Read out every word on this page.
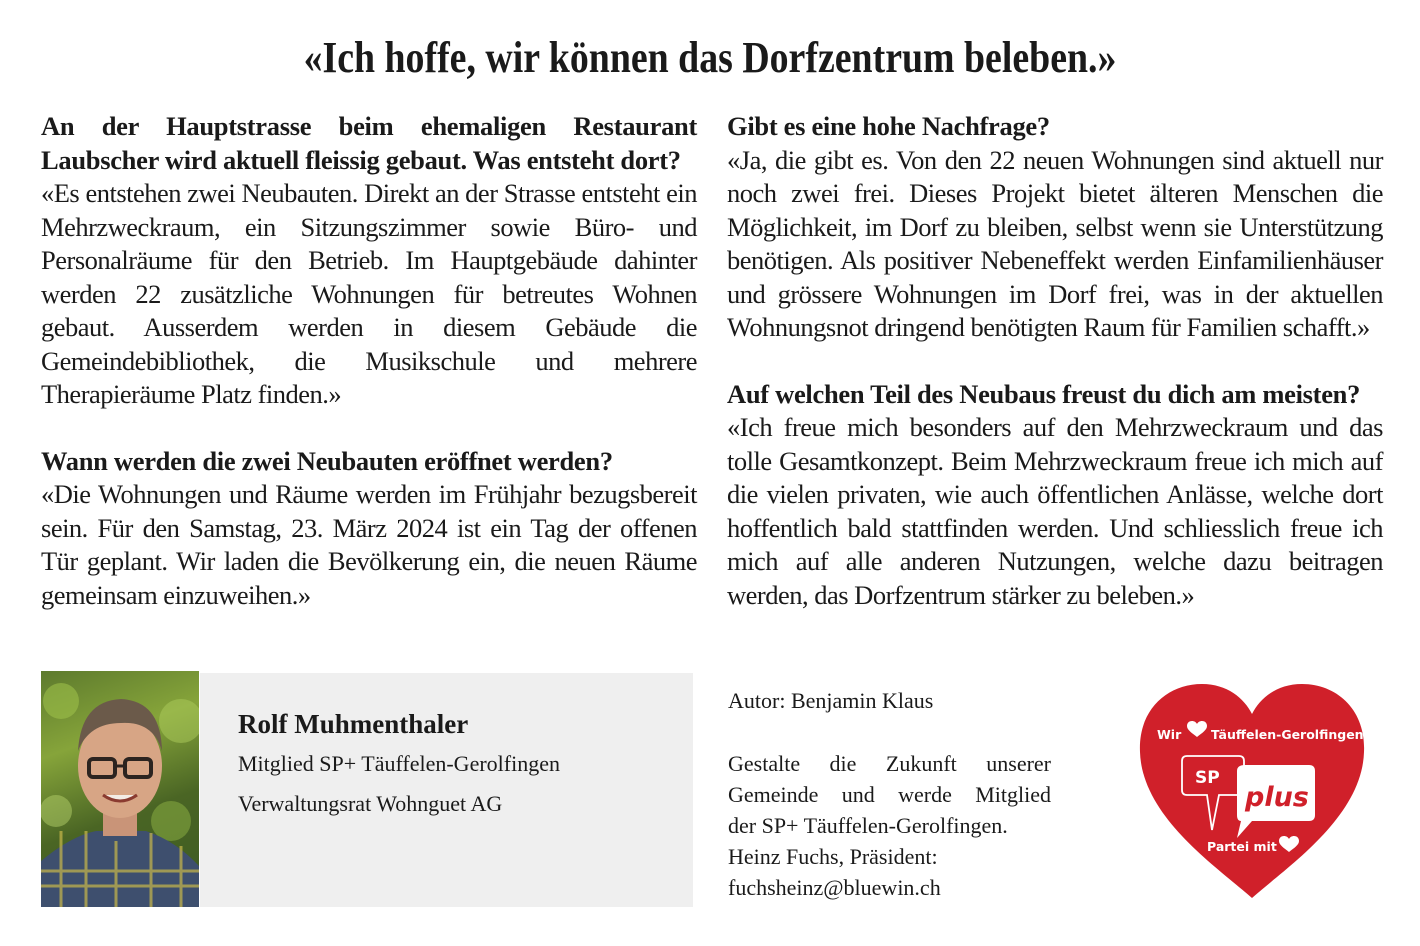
«Ich hoffe, wir können das Dorfzentrum beleben.»
An der Hauptstrasse beim ehemaligen Restaurant Laubscher wird aktuell fleissig gebaut. Was entsteht dort?
«Es entstehen zwei Neubauten. Direkt an der Strasse entsteht ein Mehrzweckraum, ein Sitzungszimmer sowie Büro- und Personalräume für den Betrieb. Im Hauptgebäude dahinter werden 22 zusätzliche Wohnungen für betreutes Wohnen gebaut. Ausserdem werden in diesem Gebäude die Gemeindebibliothek, die Musikschule und mehrere Therapieräume Platz finden.»
Wann werden die zwei Neubauten eröffnet werden?
«Die Wohnungen und Räume werden im Frühjahr bezugsbereit sein. Für den Samstag, 23. März 2024 ist ein Tag der offenen Tür geplant. Wir laden die Bevölkerung ein, die neuen Räume gemeinsam einzuweihen.»
Gibt es eine hohe Nachfrage?
«Ja, die gibt es. Von den 22 neuen Wohnungen sind aktuell nur noch zwei frei. Dieses Projekt bietet älteren Menschen die Möglichkeit, im Dorf zu bleiben, selbst wenn sie Unterstützung benötigen. Als positiver Nebeneffekt werden Einfamilienhäuser und grössere Wohnungen im Dorf frei, was in der aktuellen Wohnungsnot dringend benötigten Raum für Familien schafft.»
Auf welchen Teil des Neubaus freust du dich am meisten?
«Ich freue mich besonders auf den Mehrzweckraum und das tolle Gesamtkonzept. Beim Mehrzweckraum freue ich mich auf die vielen privaten, wie auch öffentlichen Anlässe, welche dort hoffentlich bald stattfinden werden. Und schliesslich freue ich mich auf alle anderen Nutzungen, welche dazu beitragen werden, das Dorfzentrum stärker zu beleben.»
Rolf Muhmenthaler
Mitglied SP+ Täuffelen-Gerolfingen
Verwaltungsrat Wohnguet AG
Autor: Benjamin Klaus
Gestalte die Zukunft unserer
Gemeinde und werde Mitglied
der SP+ Täuffelen-Gerolfingen.
Heinz Fuchs, Präsident:
fuchsheinz@bluewin.ch
Wir Täuffelen-Gerolfingen
SP
plus
Partei mit
